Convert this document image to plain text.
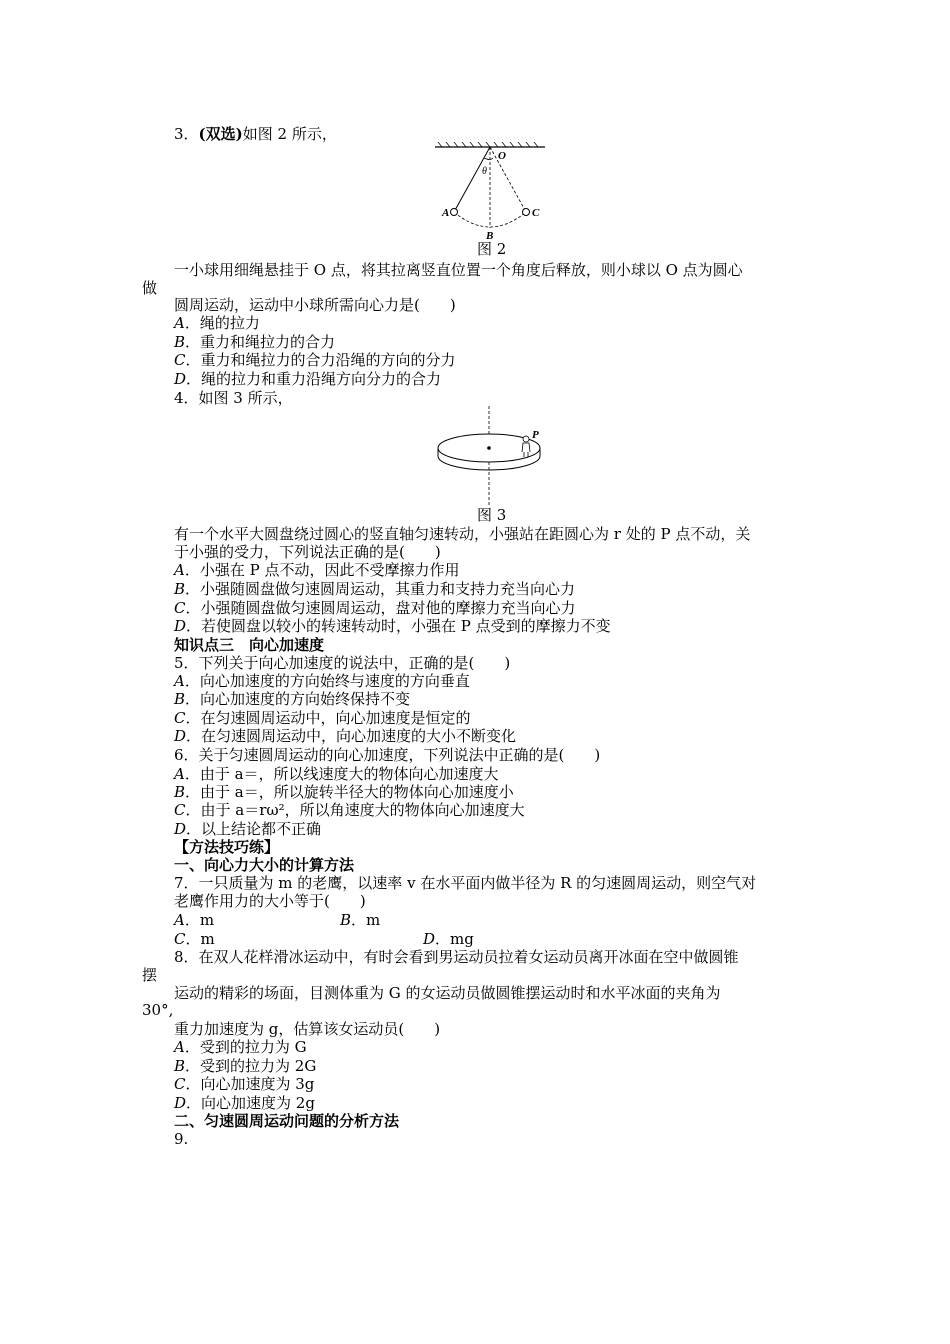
3．(双选)如图 2 所示，
O
θ
A
B
C
图 2
一小球用细绳悬挂于 O 点，将其拉离竖直位置一个角度后释放，则小球以 O 点为圆心
做
圆周运动，运动中小球所需向心力是(　　)
A．绳的拉力
B．重力和绳拉力的合力
C．重力和绳拉力的合力沿绳的方向的分力
D．绳的拉力和重力沿绳方向分力的合力
4．如图 3 所示，
P
图 3
有一个水平大圆盘绕过圆心的竖直轴匀速转动，小强站在距圆心为 r 处的 P 点不动，关
于小强的受力，下列说法正确的是(　　)
A．小强在 P 点不动，因此不受摩擦力作用
B．小强随圆盘做匀速圆周运动，其重力和支持力充当向心力
C．小强随圆盘做匀速圆周运动，盘对他的摩擦力充当向心力
D．若使圆盘以较小的转速转动时，小强在 P 点受到的摩擦力不变
知识点三　向心加速度
5．下列关于向心加速度的说法中，正确的是(　　)
A．向心加速度的方向始终与速度的方向垂直
B．向心加速度的方向始终保持不变
C．在匀速圆周运动中，向心加速度是恒定的
D．在匀速圆周运动中，向心加速度的大小不断变化
6．关于匀速圆周运动的向心加速度，下列说法中正确的是(　　)
A．由于 a＝，所以线速度大的物体向心加速度大
B．由于 a＝，所以旋转半径大的物体向心加速度小
C．由于 a＝rω²，所以角速度大的物体向心加速度大
D．以上结论都不正确
【方法技巧练】
一、向心力大小的计算方法
7．一只质量为 m 的老鹰，以速率 v 在水平面内做半径为 R 的匀速圆周运动，则空气对
老鹰作用力的大小等于(　　)
A．m	B．m
C．m	D．mg
8．在双人花样滑冰运动中，有时会看到男运动员拉着女运动员离开冰面在空中做圆锥
摆
运动的精彩的场面，目测体重为 G 的女运动员做圆锥摆运动时和水平冰面的夹角为
30°,
重力加速度为 g，估算该女运动员(　　)
A．受到的拉力为 G
B．受到的拉力为 2G
C．向心加速度为 3g
D．向心加速度为 2g
二、匀速圆周运动问题的分析方法
9.
